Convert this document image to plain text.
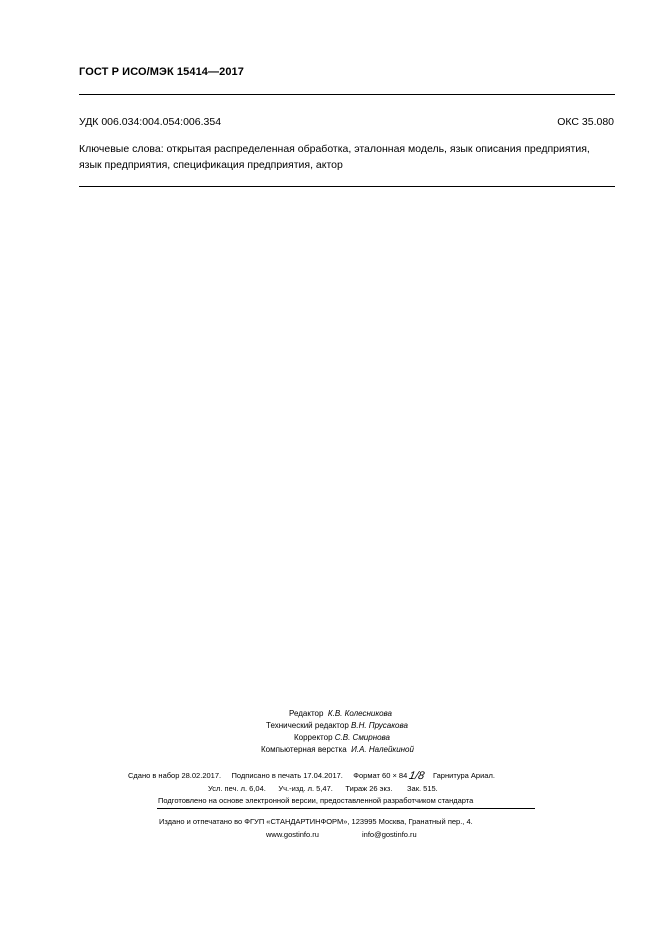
ГОСТ Р ИСО/МЭК 15414—2017
УДК 006.034:004.054:006.354	ОКС 35.080
Ключевые слова: открытая распределенная обработка, эталонная модель, язык описания предприятия,
язык предприятия, спецификация предприятия, актор
Редактор К.В. Колесникова
Технический редактор В.Н. Прусакова
Корректор С.В. Смирнова
Компьютерная верстка И.А. Налейкиной
Сдано в набор 28.02.2017. Подписано в печать 17.04.2017. Формат 60 × 84 1/8 Гарнитура Ариал.
Усл. печ. л. 6,04. Уч.-изд. л. 5,47. Тираж 26 экз. Зак. 515.
Подготовлено на основе электронной версии, предоставленной разработчиком стандарта
Издано и отпечатано во ФГУП «СТАНДАРТИНФОРМ», 123995 Москва, Гранатный пер., 4.
www.gostinfo.ru	info@gostinfo.ru
